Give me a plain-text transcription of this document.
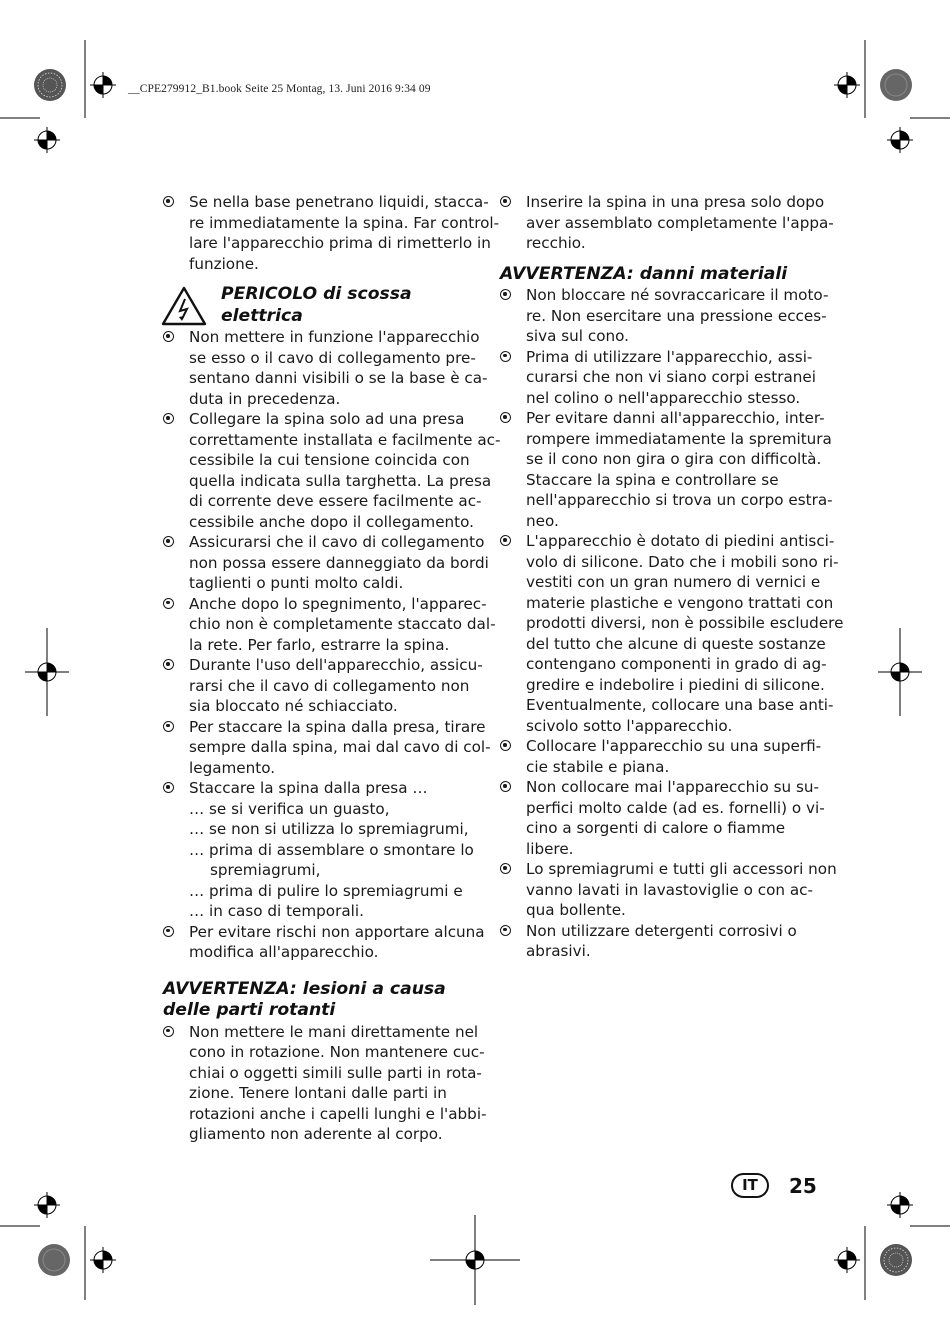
__CPE279912_B1.book Seite 25 Montag, 13. Juni 2016 9:34 09
Se nella base penetrano liquidi, stacca-
re immediatamente la spina. Far control-
lare l'apparecchio prima di rimetterlo in
funzione.
PERICOLO di scossa
elettrica
Non mettere in funzione l'apparecchio
se esso o il cavo di collegamento pre-
sentano danni visibili o se la base è ca-
duta in precedenza.
Collegare la spina solo ad una presa
correttamente installata e facilmente ac-
cessibile la cui tensione coincida con
quella indicata sulla targhetta. La presa
di corrente deve essere facilmente ac-
cessibile anche dopo il collegamento.
Assicurarsi che il cavo di collegamento
non possa essere danneggiato da bordi
taglienti o punti molto caldi.
Anche dopo lo spegnimento, l'apparec-
chio non è completamente staccato dal-
la rete. Per farlo, estrarre la spina.
Durante l'uso dell'apparecchio, assicu-
rarsi che il cavo di collegamento non
sia bloccato né schiacciato.
Per staccare la spina dalla presa, tirare
sempre dalla spina, mai dal cavo di col-
legamento.
Staccare la spina dalla presa …
… se si verifica un guasto,
… se non si utilizza lo spremiagrumi,
… prima di assemblare o smontare lo
spremiagrumi,
… prima di pulire lo spremiagrumi e
… in caso di temporali.
Per evitare rischi non apportare alcuna
modifica all'apparecchio.
AVVERTENZA: lesioni a causa
delle parti rotanti
Non mettere le mani direttamente nel
cono in rotazione. Non mantenere cuc-
chiai o oggetti simili sulle parti in rota-
zione. Tenere lontani dalle parti in
rotazioni anche i capelli lunghi e l'abbi-
gliamento non aderente al corpo.
Inserire la spina in una presa solo dopo
aver assemblato completamente l'appa-
recchio.
AVVERTENZA: danni materiali
Non bloccare né sovraccaricare il moto-
re. Non esercitare una pressione ecces-
siva sul cono.
Prima di utilizzare l'apparecchio, assi-
curarsi che non vi siano corpi estranei
nel colino o nell'apparecchio stesso.
Per evitare danni all'apparecchio, inter-
rompere immediatamente la spremitura
se il cono non gira o gira con difficoltà.
Staccare la spina e controllare se
nell'apparecchio si trova un corpo estra-
neo.
L'apparecchio è dotato di piedini antisci-
volo di silicone. Dato che i mobili sono ri-
vestiti con un gran numero di vernici e
materie plastiche e vengono trattati con
prodotti diversi, non è possibile escludere
del tutto che alcune di queste sostanze
contengano componenti in grado di ag-
gredire e indebolire i piedini di silicone.
Eventualmente, collocare una base anti-
scivolo sotto l'apparecchio.
Collocare l'apparecchio su una superfi-
cie stabile e piana.
Non collocare mai l'apparecchio su su-
perfici molto calde (ad es. fornelli) o vi-
cino a sorgenti di calore o fiamme
libere.
Lo spremiagrumi e tutti gli accessori non
vanno lavati in lavastoviglie o con ac-
qua bollente.
Non utilizzare detergenti corrosivi o
abrasivi.
IT	25
